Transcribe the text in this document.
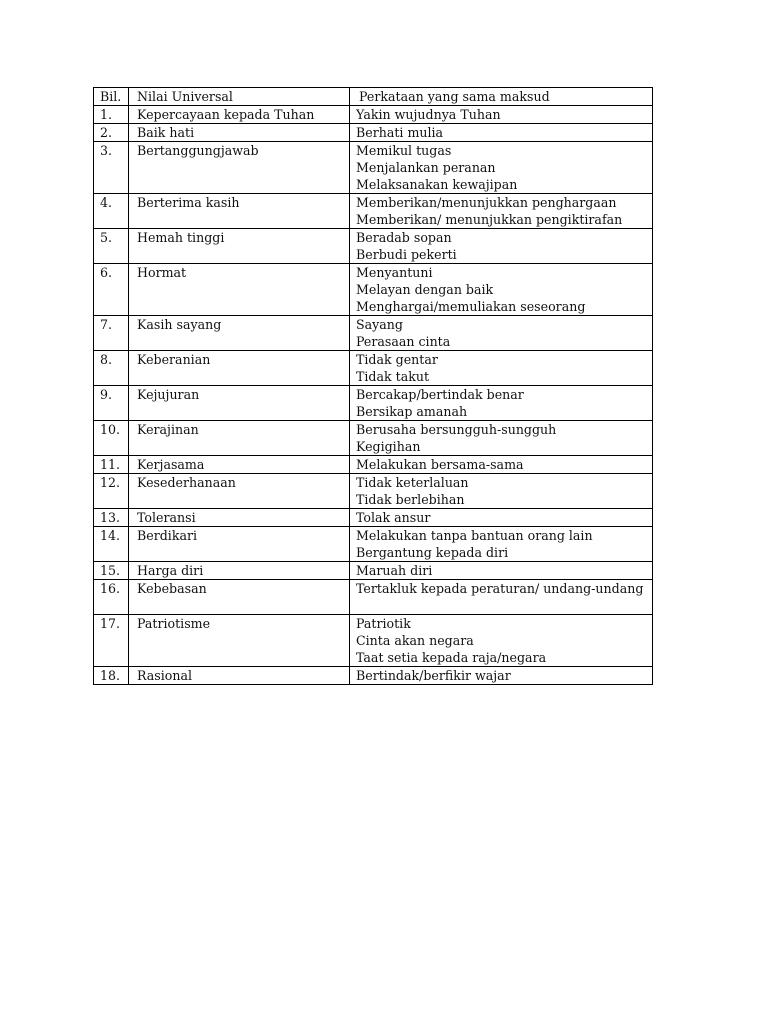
Bil.	Nilai Universal	Perkataan yang sama maksud
1.	Kepercayaan kepada Tuhan	Yakin wujudnya Tuhan

2.	Baik hati	Berhati mulia

3.	Bertanggungjawab	Memikul tugas
Menjalankan peranan
Melaksanakan kewajipan

4.	Berterima kasih	Memberikan/menunjukkan penghargaan
Memberikan/ menunjukkan pengiktirafan

5.	Hemah tinggi	Beradab sopan
Berbudi pekerti

6.	Hormat	Menyantuni
Melayan dengan baik
Menghargai/memuliakan seseorang

7.	Kasih sayang	Sayang
Perasaan cinta

8.	Keberanian	Tidak gentar
Tidak takut

9.	Kejujuran	Bercakap/bertindak benar
Bersikap amanah

10.	Kerajinan	Berusaha bersungguh-sungguh
Kegigihan

11.	Kerjasama	Melakukan bersama-sama

12.	Kesederhanaan	Tidak keterlaluan
Tidak berlebihan

13.	Toleransi	Tolak ansur

14.	Berdikari	Melakukan tanpa bantuan orang lain
Bergantung kepada diri

15.	Harga diri	Maruah diri

16.	Kebebasan	Tertakluk kepada peraturan/ undang-undang

17.	Patriotisme	Patriotik
Cinta akan negara
Taat setia kepada raja/negara

18.	Rasional	Bertindak/berfikir wajar
